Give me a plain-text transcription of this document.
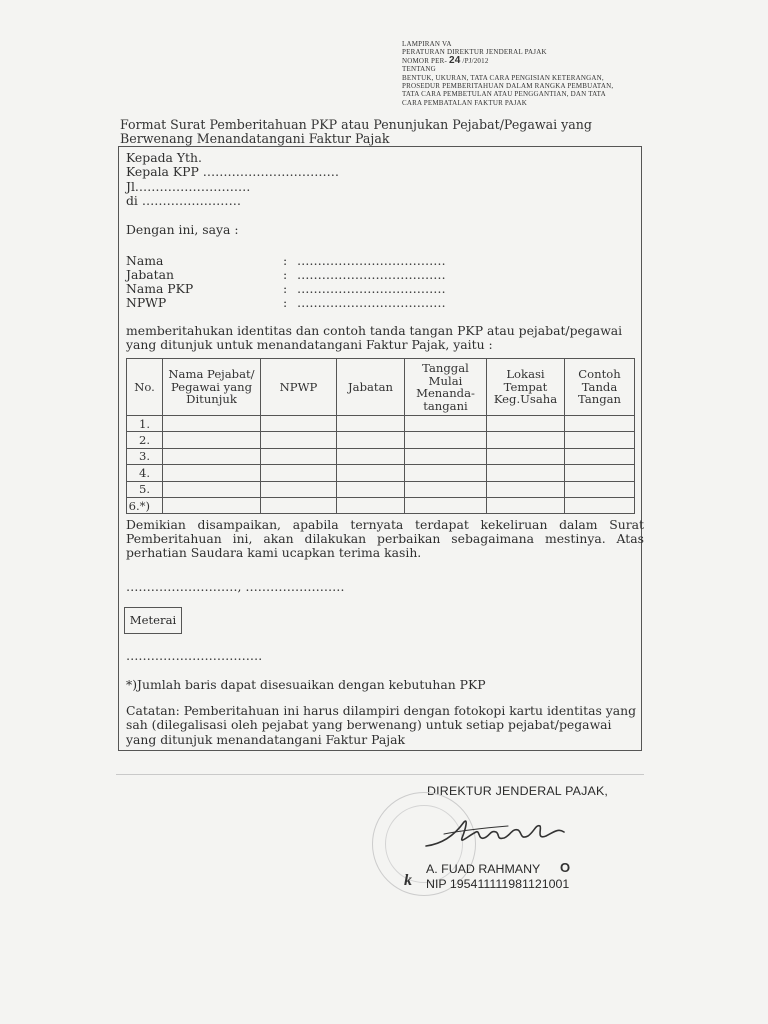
LAMPIRAN VA
PERATURAN DIREKTUR JENDERAL PAJAK
NOMOR PER- 24 /PJ/2012
TENTANG
BENTUK, UKURAN, TATA CARA PENGISIAN KETERANGAN,
PROSEDUR PEMBERITAHUAN DALAM RANGKA PEMBUATAN,
TATA CARA PEMBETULAN ATAU PENGGANTIAN, DAN TATA
CARA PEMBATALAN FAKTUR PAJAK
Format Surat Pemberitahuan PKP atau Penunjukan Pejabat/Pegawai yang Berwenang Menandatangani Faktur Pajak
Kepada Yth.
Kepala KPP ……………………………
Jl.………………………
di ……………………
Dengan ini, saya :
Nama	: ………………………………
Jabatan	: ………………………………
Nama PKP	: ………………………………
NPWP	: ………………………………
memberitahukan identitas dan contoh tanda tangan PKP atau pejabat/pegawai yang ditunjuk untuk menandatangani Faktur Pajak, yaitu :
No.	Nama Pejabat/ Pegawai yang Ditunjuk	NPWP	Jabatan	Tanggal Mulai Menanda-tangani	Lokasi Tempat Keg.Usaha	Contoh Tanda Tangan
1.						
2.						
3.						
4.						
5.						
6.*)						
Demikian disampaikan, apabila ternyata terdapat kekeliruan dalam Surat Pemberitahuan ini, akan dilakukan perbaikan sebagaimana mestinya. Atas perhatian Saudara kami ucapkan terima kasih.
………………………, ……………………
Meterai
……………………………
*)Jumlah baris dapat disesuaikan dengan kebutuhan PKP
Catatan: Pemberitahuan ini harus dilampiri dengan fotokopi kartu identitas yang sah (dilegalisasi oleh pejabat yang berwenang) untuk setiap pejabat/pegawai yang ditunjuk menandatangani Faktur Pajak
DIREKTUR JENDERAL PAJAK,
A. FUAD RAHMANY O
k NIP 195411111981121001
